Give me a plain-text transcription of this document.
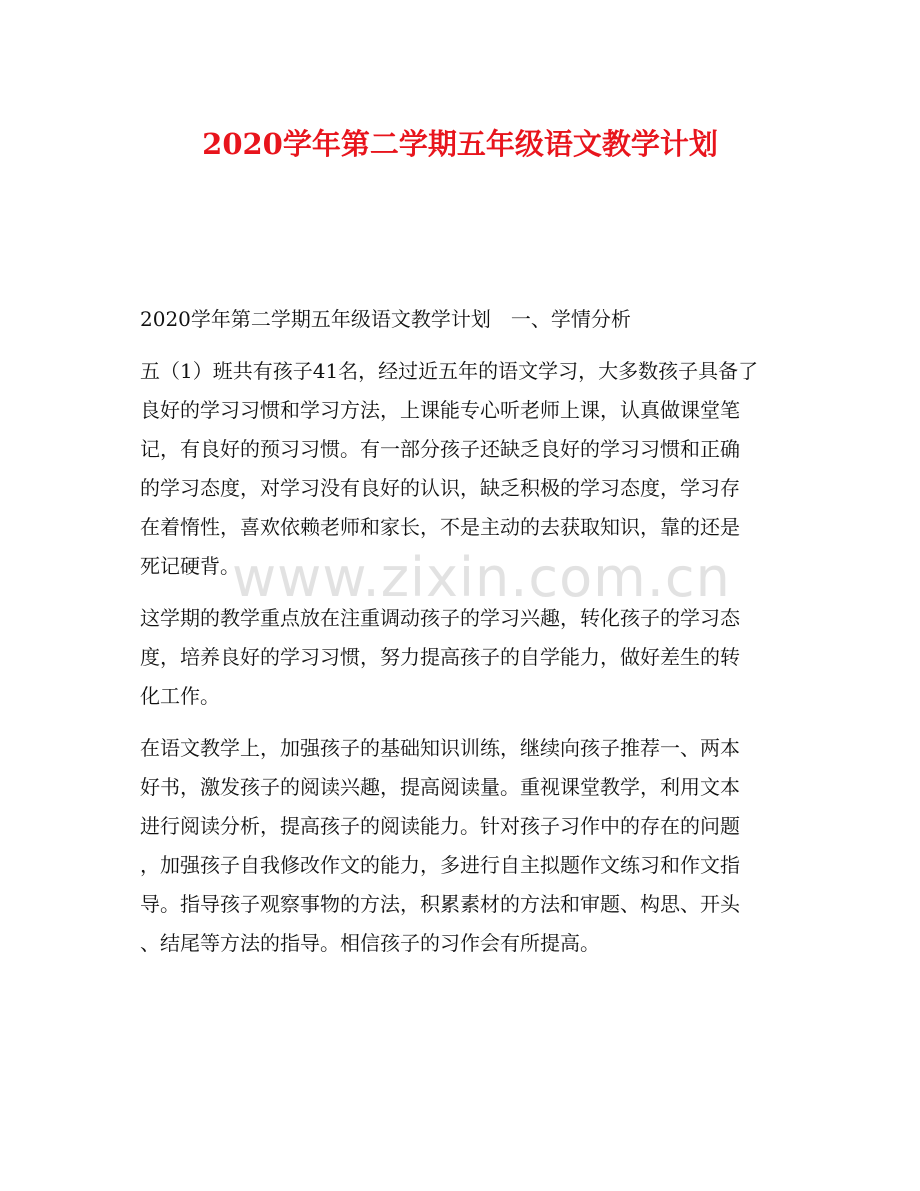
2020学年第二学期五年级语文教学计划
www.zixin.com.cn
2020学年第二学期五年级语文教学计划　一、学情分析
五（1）班共有孩子41名，经过近五年的语文学习，大多数孩子具备了
良好的学习习惯和学习方法，上课能专心听老师上课，认真做课堂笔
记，有良好的预习习惯。有一部分孩子还缺乏良好的学习习惯和正确
的学习态度，对学习没有良好的认识，缺乏积极的学习态度，学习存
在着惰性，喜欢依赖老师和家长，不是主动的去获取知识，靠的还是
死记硬背。
这学期的教学重点放在注重调动孩子的学习兴趣，转化孩子的学习态
度，培养良好的学习习惯，努力提高孩子的自学能力，做好差生的转
化工作。
在语文教学上，加强孩子的基础知识训练，继续向孩子推荐一、两本
好书，激发孩子的阅读兴趣，提高阅读量。重视课堂教学，利用文本
进行阅读分析，提高孩子的阅读能力。针对孩子习作中的存在的问题
，加强孩子自我修改作文的能力，多进行自主拟题作文练习和作文指
导。指导孩子观察事物的方法，积累素材的方法和审题、构思、开头
、结尾等方法的指导。相信孩子的习作会有所提高。
